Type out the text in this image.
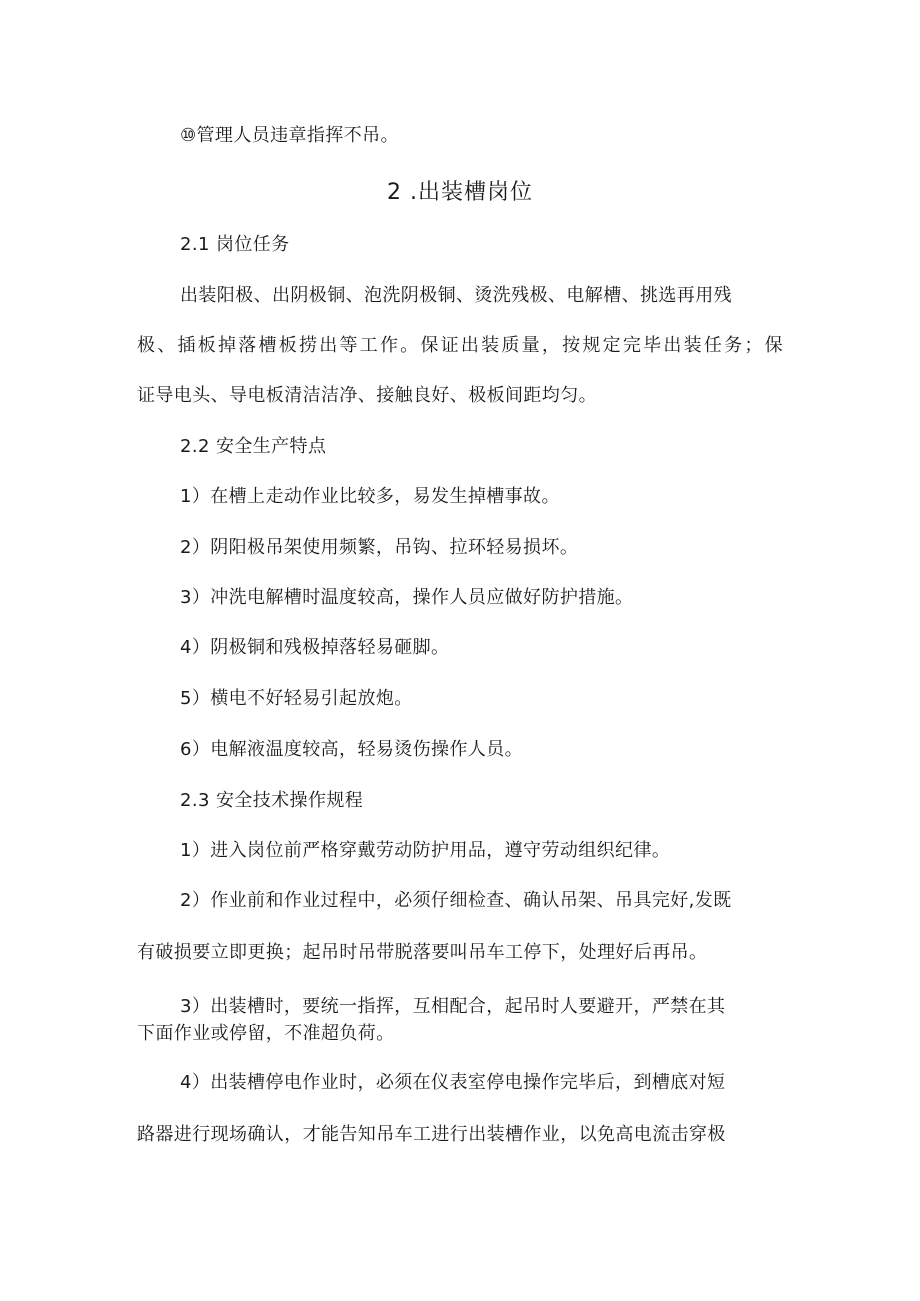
⑩管理人员违章指挥不吊。
2 .出装槽岗位
2.1 岗位任务
出装阳极、出阴极铜、泡洗阴极铜、烫洗残极、电解槽、挑选再用残
极、插板掉落槽板捞出等工作。保证出装质量，按规定完毕出装任务；保
证导电头、导电板清洁洁净、接触良好、极板间距均匀。
2.2 安全生产特点
1）在槽上走动作业比较多，易发生掉槽事故。
2）阴阳极吊架使用频繁，吊钩、拉环轻易损坏。
3）冲洗电解槽时温度较高，操作人员应做好防护措施。
4）阴极铜和残极掉落轻易砸脚。
5）横电不好轻易引起放炮。
6）电解液温度较高，轻易烫伤操作人员。
2.3 安全技术操作规程
1）进入岗位前严格穿戴劳动防护用品，遵守劳动组织纪律。
2）作业前和作业过程中，必须仔细检查、确认吊架、吊具完好,发既
有破损要立即更换；起吊时吊带脱落要叫吊车工停下，处理好后再吊。
3）出装槽时，要统一指挥，互相配合，起吊时人要避开，严禁在其
下面作业或停留，不准超负荷。
4）出装槽停电作业时，必须在仪表室停电操作完毕后，到槽底对短
路器进行现场确认，才能告知吊车工进行出装槽作业，以免高电流击穿极
